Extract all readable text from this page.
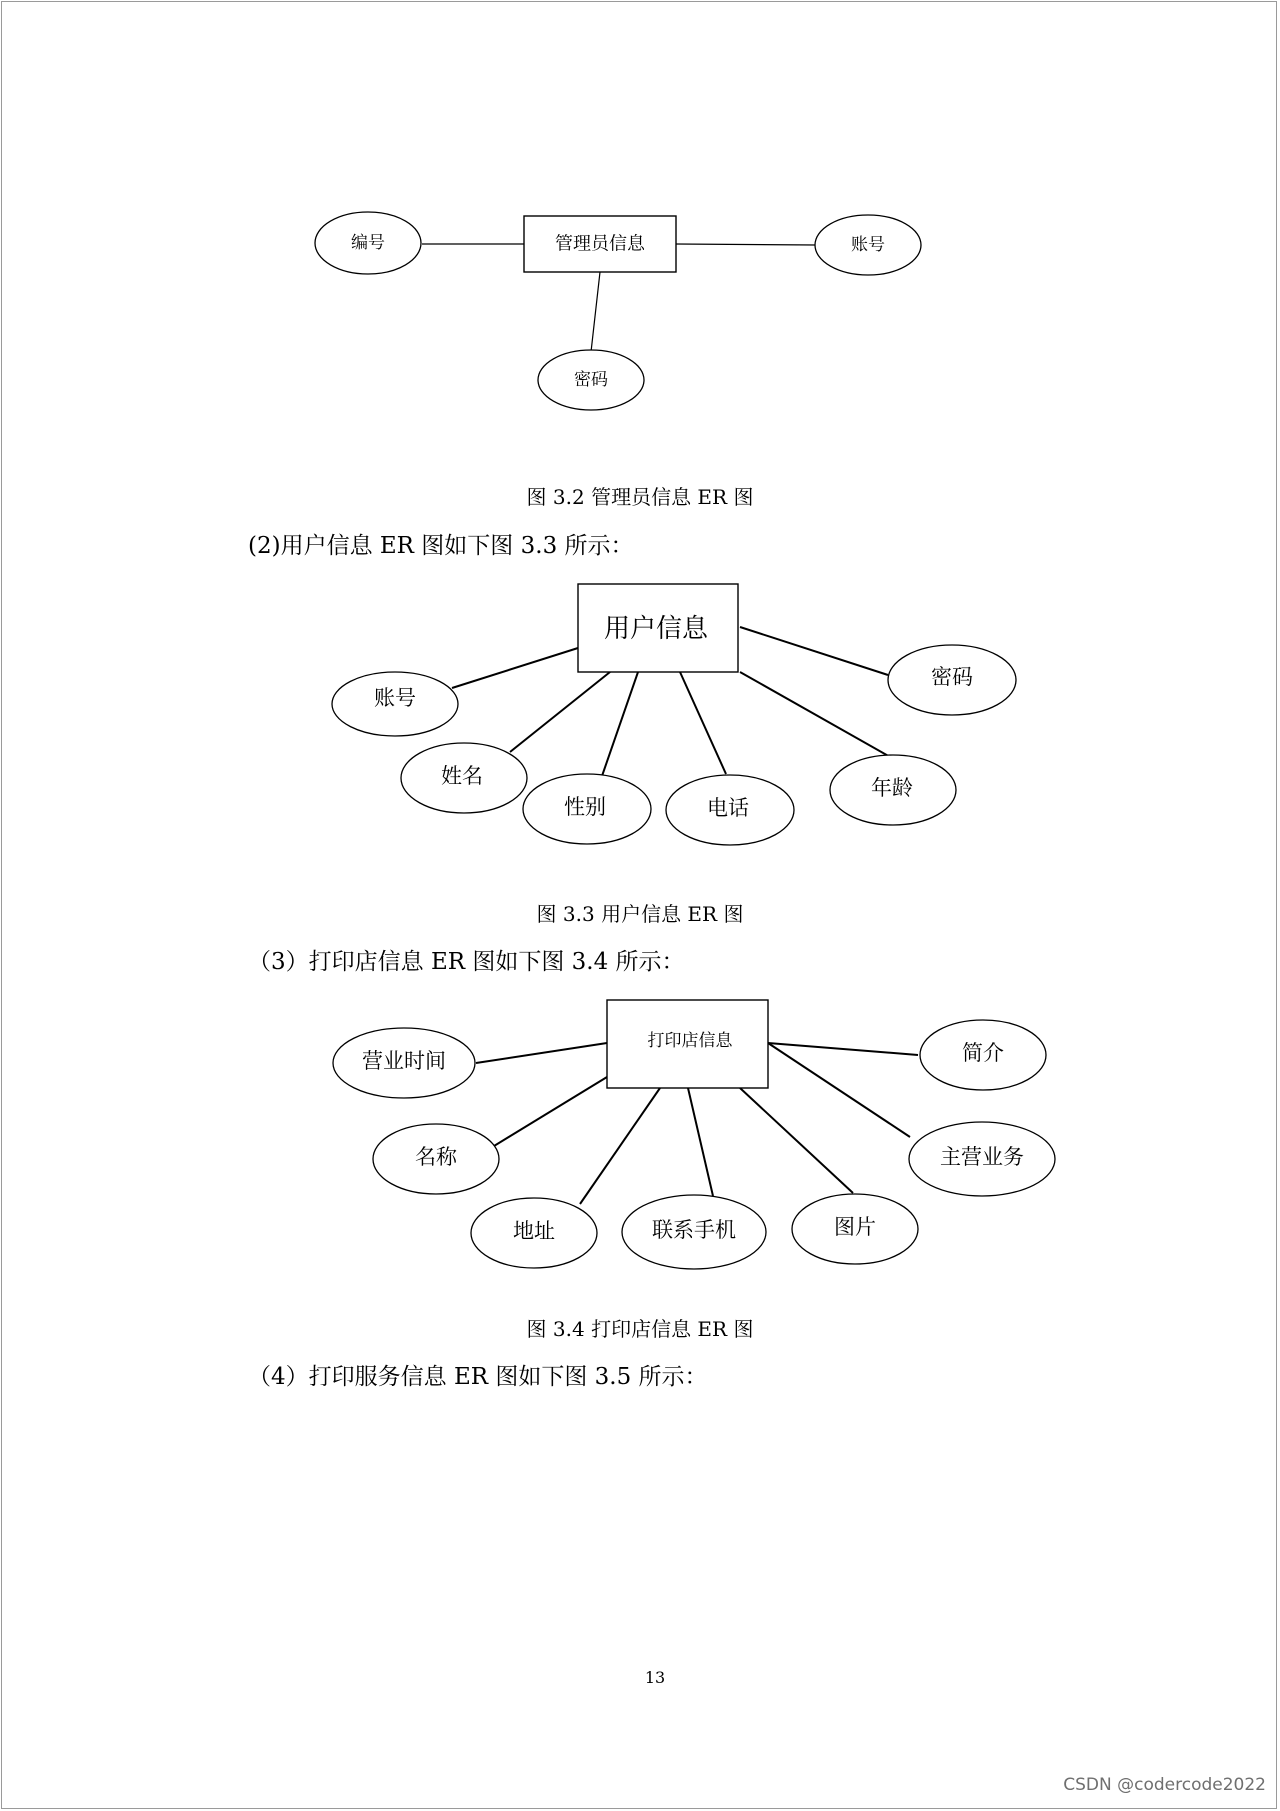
管理员信息
编号	账号
密码
图 3.2 管理员信息 ER 图
(2)用户信息 ER 图如下图 3.3 所示：
用户信息
账号
密码
姓名
性别	电话
年龄
图 3.3 用户信息 ER 图
（3）打印店信息 ER 图如下图 3.4 所示：
打印店信息
营业时间	简介
名称	主营业务
地址	联系手机	图片
图 3.4 打印店信息 ER 图
（4）打印服务信息 ER 图如下图 3.5 所示：
13
CSDN @codercode2022
